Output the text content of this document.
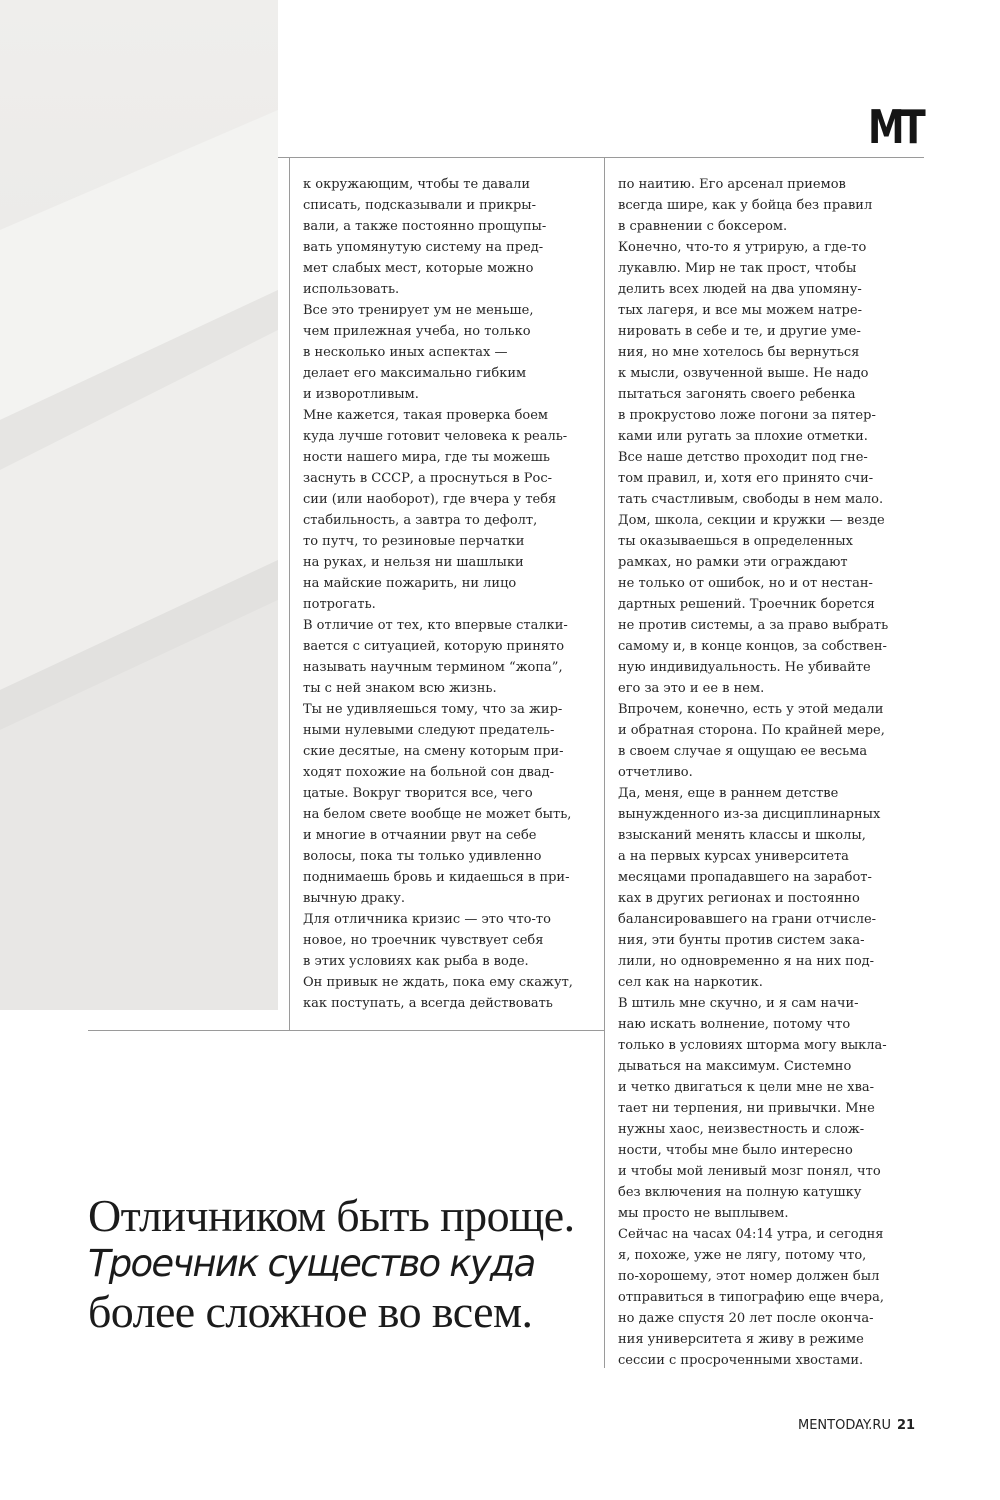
MT
к окружающим, чтобы те давали
списать, подсказывали и прикры-
вали, а также постоянно прощупы-
вать упомянутую систему на пред-
мет слабых мест, которые можно
использовать.
Все это тренирует ум не меньше,
чем прилежная учеба, но только
в несколько иных аспектах —
делает его максимально гибким
и изворотливым.
Мне кажется, такая проверка боем
куда лучше готовит человека к реаль-
ности нашего мира, где ты можешь
заснуть в СССР, а проснуться в Рос-
сии (или наоборот), где вчера у тебя
стабильность, а завтра то дефолт,
то путч, то резиновые перчатки
на руках, и нельзя ни шашлыки
на майские пожарить, ни лицо
потрогать.
В отличие от тех, кто впервые сталки-
вается с ситуацией, которую принято
называть научным термином “жопа”,
ты с ней знаком всю жизнь.
Ты не удивляешься тому, что за жир-
ными нулевыми следуют предатель-
ские десятые, на смену которым при-
ходят похожие на больной сон двад-
цатые. Вокруг творится все, чего
на белом свете вообще не может быть,
и многие в отчаянии рвут на себе
волосы, пока ты только удивленно
поднимаешь бровь и кидаешься в при-
вычную драку.
Для отличника кризис — это что-то
новое, но троечник чувствует себя
в этих условиях как рыба в воде.
Он привык не ждать, пока ему скажут,
как поступать, а всегда действовать
по наитию. Его арсенал приемов
всегда шире, как у бойца без правил
в сравнении с боксером.
Конечно, что-то я утрирую, а где-то
лукавлю. Мир не так прост, чтобы
делить всех людей на два упомяну-
тых лагеря, и все мы можем натре-
нировать в себе и те, и другие уме-
ния, но мне хотелось бы вернуться
к мысли, озвученной выше. Не надо
пытаться загонять своего ребенка
в прокрустово ложе погони за пятер-
ками или ругать за плохие отметки.
Все наше детство проходит под гне-
том правил, и, хотя его принято счи-
тать счастливым, свободы в нем мало.
Дом, школа, секции и кружки — везде
ты оказываешься в определенных
рамках, но рамки эти ограждают
не только от ошибок, но и от нестан-
дартных решений. Троечник борется
не против системы, а за право выбрать
самому и, в конце концов, за собствен-
ную индивидуальность. Не убивайте
его за это и ее в нем.
Впрочем, конечно, есть у этой медали
и обратная сторона. По крайней мере,
в своем случае я ощущаю ее весьма
отчетливо.
Да, меня, еще в раннем детстве
вынужденного из-за дисциплинарных
взысканий менять классы и школы,
а на первых курсах университета
месяцами пропадавшего на заработ-
ках в других регионах и постоянно
балансировавшего на грани отчисле-
ния, эти бунты против систем закa-
лили, но одновременно я на них под-
сел как на наркотик.
В штиль мне скучно, и я сам начи-
наю искать волнение, потому что
только в условиях шторма могу выкла-
дываться на максимум. Системно
и четко двигаться к цели мне не хва-
тает ни терпения, ни привычки. Мне
нужны хаос, неизвестность и слож-
ности, чтобы мне было интересно
и чтобы мой ленивый мозг понял, что
без включения на полную катушку
мы просто не выплывем.
Сейчас на часах 04:14 утра, и сегодня
я, похоже, уже не лягу, потому что,
по-хорошему, этот номер должен был
отправиться в типографию еще вчера,
но даже спустя 20 лет после оконча-
ния университета я живу в режиме
сессии с просроченными хвостами.
Отличником быть проще.
Троечник существо куда
более сложное во всем.
MENTODAY.RU 21
